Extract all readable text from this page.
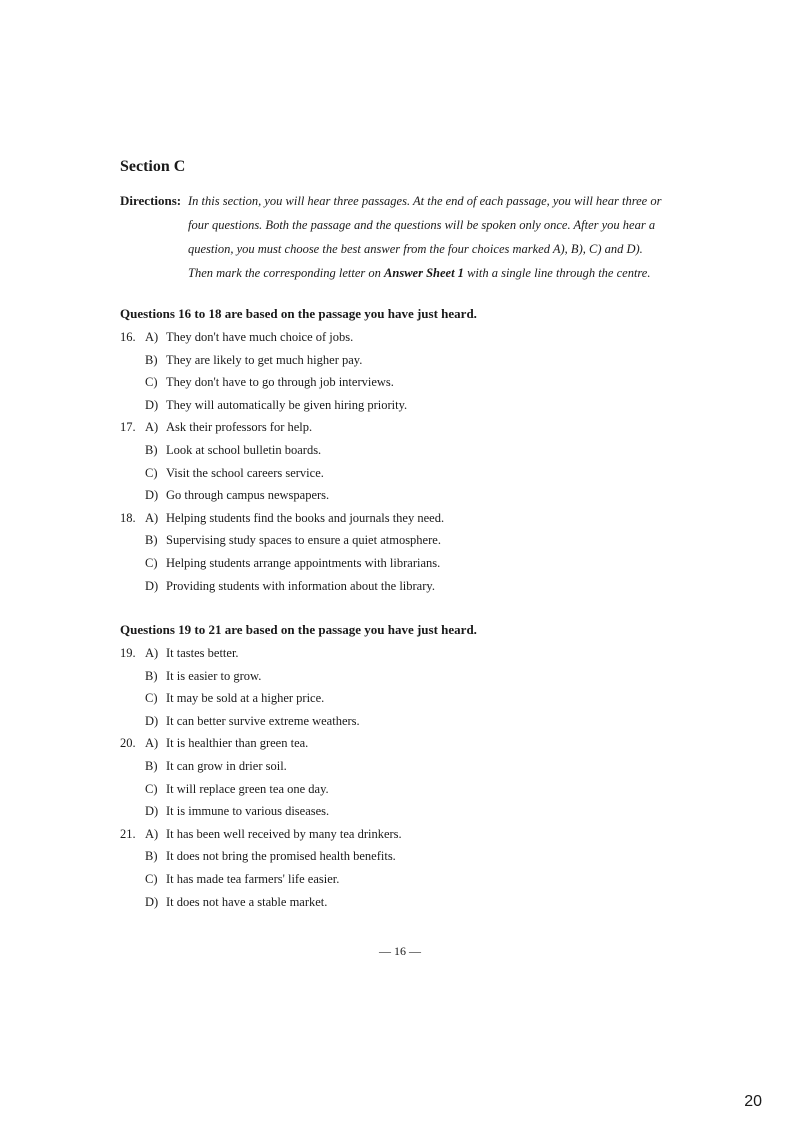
Section C
Directions: In this section, you will hear three passages. At the end of each passage, you will hear three or
four questions. Both the passage and the questions will be spoken only once. After you hear a
question, you must choose the best answer from the four choices marked A), B), C) and D).
Then mark the corresponding letter on Answer Sheet 1 with a single line through the centre.
Questions 16 to 18 are based on the passage you have just heard.
16. A) They don't have much choice of jobs.
B) They are likely to get much higher pay.
C) They don't have to go through job interviews.
D) They will automatically be given hiring priority.
17. A) Ask their professors for help.
B) Look at school bulletin boards.
C) Visit the school careers service.
D) Go through campus newspapers.
18. A) Helping students find the books and journals they need.
B) Supervising study spaces to ensure a quiet atmosphere.
C) Helping students arrange appointments with librarians.
D) Providing students with information about the library.
Questions 19 to 21 are based on the passage you have just heard.
19. A) It tastes better.
B) It is easier to grow.
C) It may be sold at a higher price.
D) It can better survive extreme weathers.
20. A) It is healthier than green tea.
B) It can grow in drier soil.
C) It will replace green tea one day.
D) It is immune to various diseases.
21. A) It has been well received by many tea drinkers.
B) It does not bring the promised health benefits.
C) It has made tea farmers' life easier.
D) It does not have a stable market.
— 16 —
20
